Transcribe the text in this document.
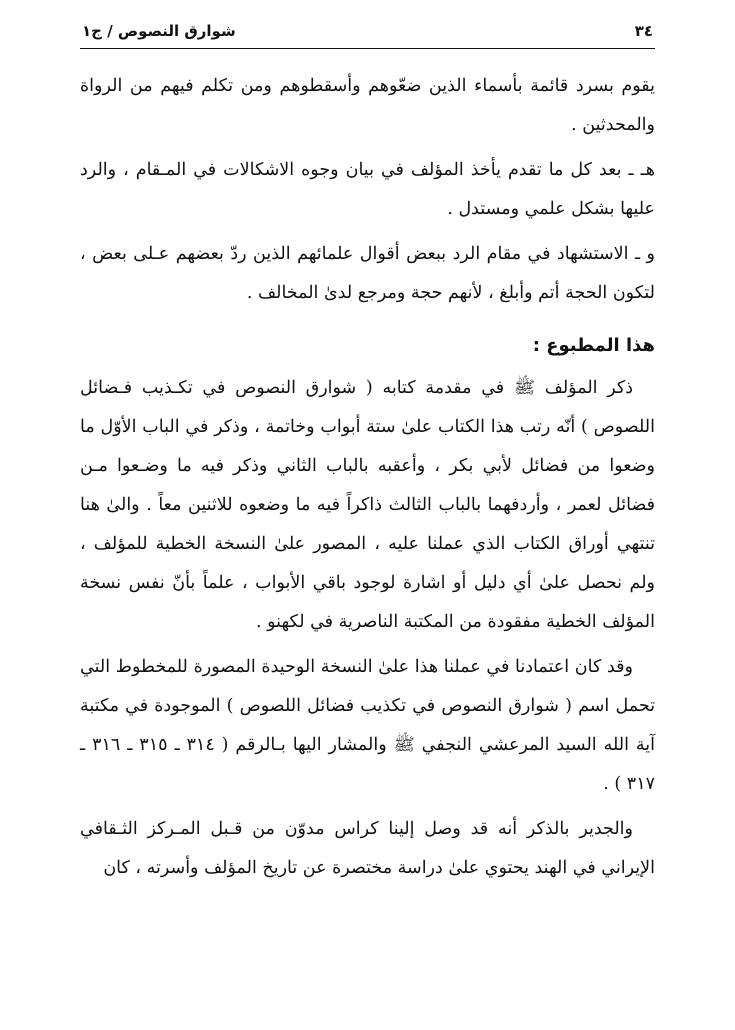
٣٤
شوارق النصوص / ج١

يقوم بسرد قائمة بأسماء الذين ضعّوهم وأسقطوهم ومن تكلم فيهم من الرواة والمحدثين .

هـ ـ بعد كل ما تقدم يأخذ المؤلف في بيان وجوه الاشكالات في المـقام ، والرد عليها بشكل علمي ومستدل .

و ـ الاستشهاد في مقام الرد ببعض أقوال علمائهم الذين ردّ بعضهم عـلى بعض ، لتكون الحجة أتم وأبلغ ، لأنهم حجة ومرجع لدىٰ المخالف .

هذا المطبوع :

ذكر المؤلف ﷺ في مقدمة كتابه ( شوارق النصوص في تكـذيب فـضائل اللصوص ) أنّه رتب هذا الكتاب علىٰ ستة أبواب وخاتمة ، وذكر في الباب الأوّل ما وضعوا من فضائل لأبي بكر ، وأعقبه بالباب الثاني وذكر فيه ما وضـعوا مـن فضائل لعمر ، وأردفهما بالباب الثالث ذاكراً فيه ما وضعوه للاثنين معاً . والىٰ هنا تنتهي أوراق الكتاب الذي عملنا عليه ، المصور علىٰ النسخة الخطية للمؤلف ، ولم نحصل علىٰ أي دليل أو اشارة لوجود باقي الأبواب ، علماً بأنّ نفس نسخة المؤلف الخطية مفقودة من المكتبة الناصرية في لكهنو .

وقد كان اعتمادنا في عملنا هذا علىٰ النسخة الوحيدة المصورة للمخطوط التي تحمل اسم ( شوارق النصوص في تكذيب فضائل اللصوص ) الموجودة في مكتبة آية الله السيد المرعشي النجفي ﷺ والمشار اليها بـالرقم ( ٣١٤ ـ ٣١٥ ـ ٣١٦ ـ ٣١٧ ) .

والجدير بالذكر أنه قد وصل إلينا كراس مدوّن من قـبل المـركز الثـقافي الإيراني في الهند يحتوي علىٰ دراسة مختصرة عن تاريخ المؤلف وأسرته ، كان
